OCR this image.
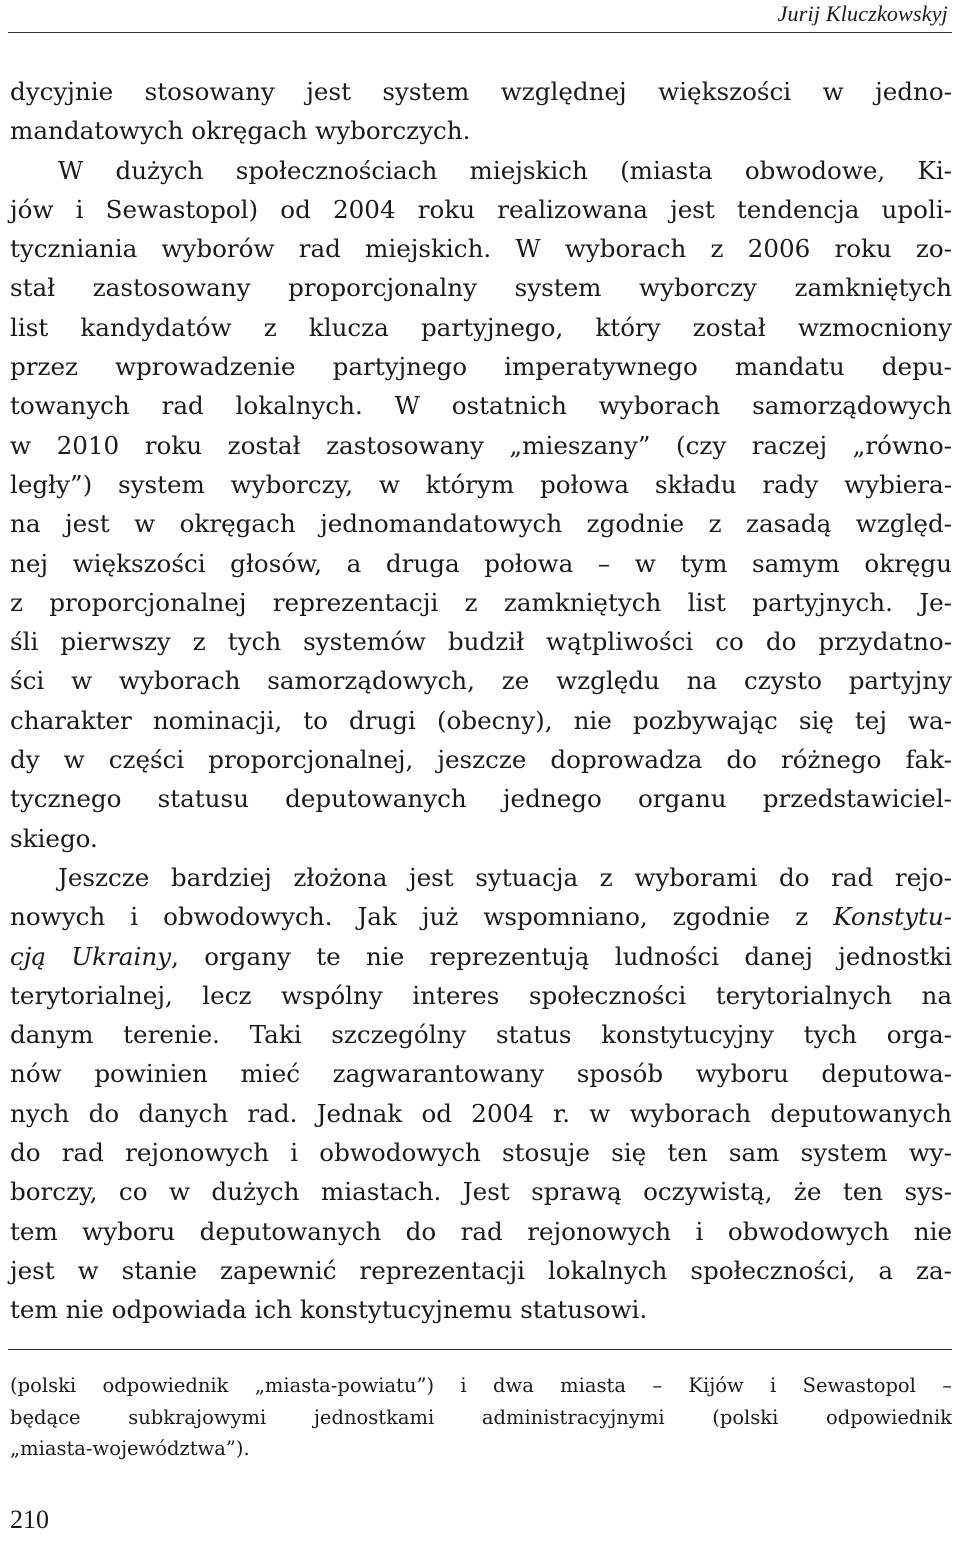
Jurij Kluczkowskyj
dycyjnie stosowany jest system względnej większości w jedno-
mandatowych okręgach wyborczych.
W dużych społecznościach miejskich (miasta obwodowe, Ki-
jów i Sewastopol) od 2004 roku realizowana jest tendencja upoli-
tyczniania wyborów rad miejskich. W wyborach z 2006 roku zo-
stał zastosowany proporcjonalny system wyborczy zamkniętych
list kandydatów z klucza partyjnego, który został wzmocniony
przez wprowadzenie partyjnego imperatywnego mandatu depu-
towanych rad lokalnych. W ostatnich wyborach samorządowych
w 2010 roku został zastosowany „mieszany” (czy raczej „równo-
legły”) system wyborczy, w którym połowa składu rady wybiera-
na jest w okręgach jednomandatowych zgodnie z zasadą względ-
nej większości głosów, a druga połowa – w tym samym okręgu
z proporcjonalnej reprezentacji z zamkniętych list partyjnych. Je-
śli pierwszy z tych systemów budził wątpliwości co do przydatno-
ści w wyborach samorządowych, ze względu na czysto partyjny
charakter nominacji, to drugi (obecny), nie pozbywając się tej wa-
dy w części proporcjonalnej, jeszcze doprowadza do różnego fak-
tycznego statusu deputowanych jednego organu przedstawiciel-
skiego.
Jeszcze bardziej złożona jest sytuacja z wyborami do rad rejo-
nowych i obwodowych. Jak już wspomniano, zgodnie z Konstytu-
cją Ukrainy, organy te nie reprezentują ludności danej jednostki
terytorialnej, lecz wspólny interes społeczności terytorialnych na
danym terenie. Taki szczególny status konstytucyjny tych orga-
nów powinien mieć zagwarantowany sposób wyboru deputowa-
nych do danych rad. Jednak od 2004 r. w wyborach deputowanych
do rad rejonowych i obwodowych stosuje się ten sam system wy-
borczy, co w dużych miastach. Jest sprawą oczywistą, że ten sys-
tem wyboru deputowanych do rad rejonowych i obwodowych nie
jest w stanie zapewnić reprezentacji lokalnych społeczności, a za-
tem nie odpowiada ich konstytucyjnemu statusowi.
(polski odpowiednik „miasta-powiatu”) i dwa miasta – Kijów i Sewastopol –
będące subkrajowymi jednostkami administracyjnymi (polski odpowiednik
„miasta-województwa”).
210
